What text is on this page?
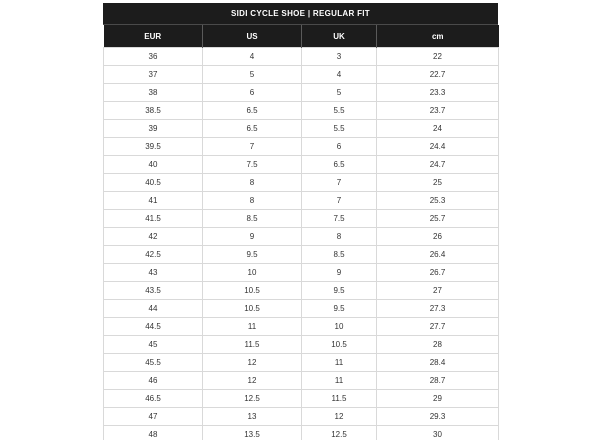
SIDI CYCLE SHOE | REGULAR FIT
EUR	US	UK	cm
36	4	3	22
37	5	4	22.7
38	6	5	23.3
38.5	6.5	5.5	23.7
39	6.5	5.5	24
39.5	7	6	24.4
40	7.5	6.5	24.7
40.5	8	7	25
41	8	7	25.3
41.5	8.5	7.5	25.7
42	9	8	26
42.5	9.5	8.5	26.4
43	10	9	26.7
43.5	10.5	9.5	27
44	10.5	9.5	27.3
44.5	11	10	27.7
45	11.5	10.5	28
45.5	12	11	28.4
46	12	11	28.7
46.5	12.5	11.5	29
47	13	12	29.3
48	13.5	12.5	30
